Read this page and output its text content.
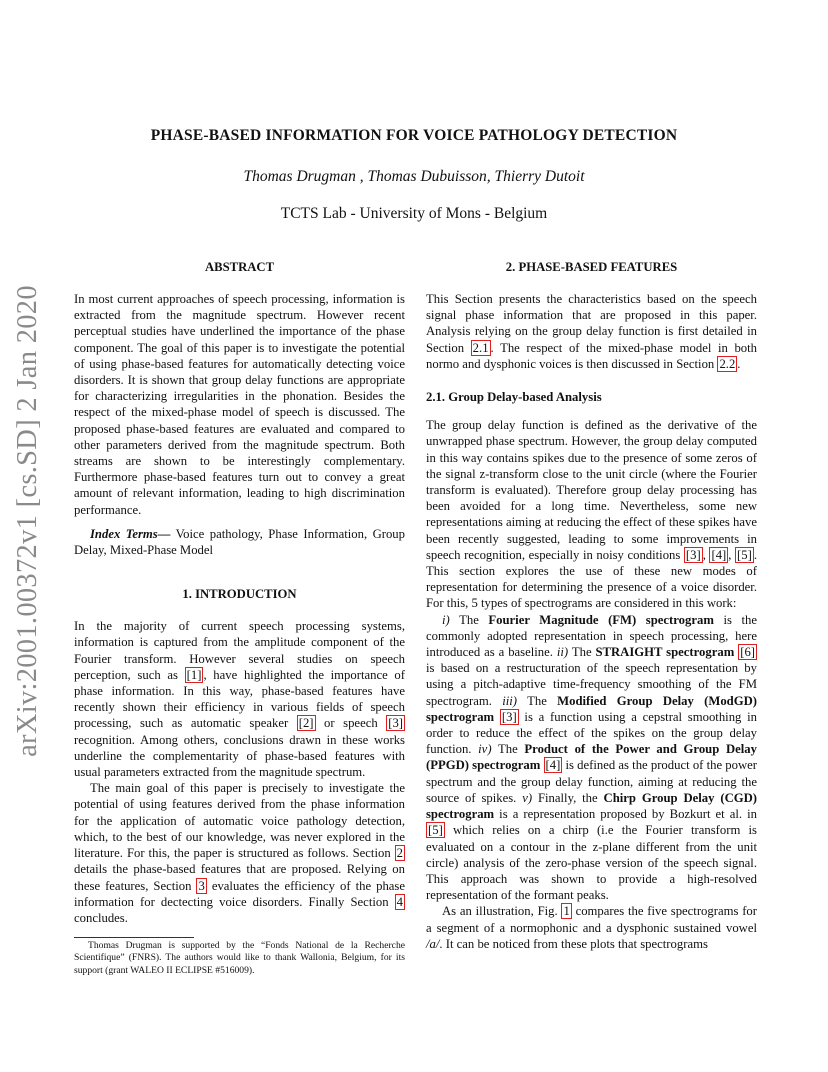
arXiv:2001.00372v1 [cs.SD] 2 Jan 2020
PHASE-BASED INFORMATION FOR VOICE PATHOLOGY DETECTION
Thomas Drugman , Thomas Dubuisson, Thierry Dutoit
TCTS Lab - University of Mons - Belgium
ABSTRACT

In most current approaches of speech processing, information is extracted from the magnitude spectrum. However recent perceptual studies have underlined the importance of the phase component. The goal of this paper is to investigate the potential of using phase-based features for automatically detecting voice disorders. It is shown that group delay functions are appropriate for characterizing irregularities in the phonation. Besides the respect of the mixed-phase model of speech is discussed. The proposed phase-based features are evaluated and compared to other parameters derived from the magnitude spectrum. Both streams are shown to be interestingly complementary. Furthermore phase-based features turn out to convey a great amount of relevant information, leading to high discrimination performance.

Index Terms— Voice pathology, Phase Information, Group Delay, Mixed-Phase Model

1. INTRODUCTION

In the majority of current speech processing systems, information is captured from the amplitude component of the Fourier transform. However several studies on speech perception, such as [1] , have highlighted the importance of phase information. In this way, phase-based features have recently shown their efficiency in various fields of speech processing, such as automatic speaker [2] or speech [3] recognition. Among others, conclusions drawn in these works underline the complementarity of phase-based features with usual parameters extracted from the magnitude spectrum.

The main goal of this paper is precisely to investigate the potential of using features derived from the phase information for the application of automatic voice pathology detection, which, to the best of our knowledge, was never explored in the literature. For this, the paper is structured as follows. Section 2 details the phase-based features that are proposed. Relying on these features, Section 3 evaluates the efficiency of the phase information for dectecting voice disorders. Finally Section 4 concludes.

Thomas Drugman is supported by the “Fonds National de la Recherche Scientifique” (FNRS). The authors would like to thank Wallonia, Belgium, for its support (grant WALEO II ECLIPSE #516009).
2. PHASE-BASED FEATURES

This Section presents the characteristics based on the speech signal phase information that are proposed in this paper. Analysis relying on the group delay function is first detailed in Section 2.1 . The respect of the mixed-phase model in both normo and dysphonic voices is then discussed in Section 2.2 .

2.1. Group Delay-based Analysis

The group delay function is defined as the derivative of the unwrapped phase spectrum. However, the group delay computed in this way contains spikes due to the presence of some zeros of the signal z-transform close to the unit circle (where the Fourier transform is evaluated). Therefore group delay processing has been avoided for a long time. Nevertheless, some new representations aiming at reducing the effect of these spikes have been recently suggested, leading to some improvements in speech recognition, especially in noisy conditions [3] , [4] , [5] . This section explores the use of these new modes of representation for determining the presence of a voice disorder. For this, 5 types of spectrograms are considered in this work:

i) The Fourier Magnitude (FM) spectrogram is the commonly adopted representation in speech processing, here introduced as a baseline. ii) The STRAIGHT spectrogram [6] is based on a restructuration of the speech representation by using a pitch-adaptive time-frequency smoothing of the FM spectrogram. iii) The Modified Group Delay (ModGD) spectrogram [3] is a function using a cepstral smoothing in order to reduce the effect of the spikes on the group delay function. iv) The Product of the Power and Group Delay (PPGD) spectrogram [4] is defined as the product of the power spectrum and the group delay function, aiming at reducing the source of spikes. v) Finally, the Chirp Group Delay (CGD) spectrogram is a representation proposed by Bozkurt et al. in [5] which relies on a chirp (i.e the Fourier transform is evaluated on a contour in the z-plane different from the unit circle) analysis of the zero-phase version of the speech signal. This approach was shown to provide a high-resolved representation of the formant peaks.

As an illustration, Fig. 1 compares the five spectrograms for a segment of a normophonic and a dysphonic sustained vowel /a/. It can be noticed from these plots that spectrograms
